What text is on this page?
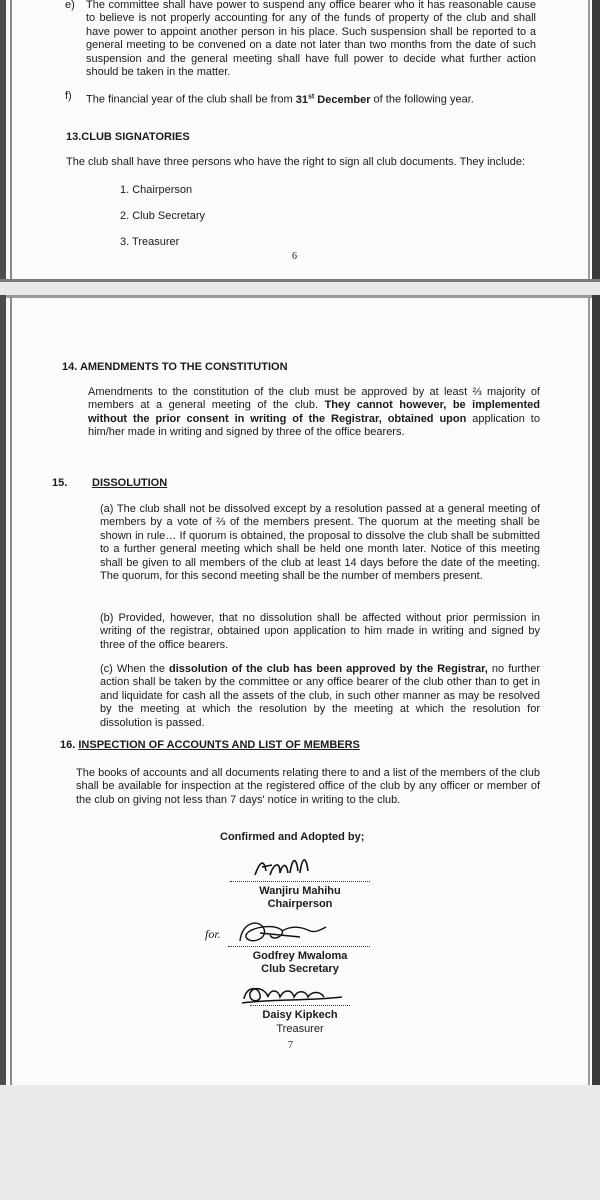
e) The committee shall have power to suspend any office bearer who it has reasonable cause to believe is not properly accounting for any of the funds of property of the club and shall have power to appoint another person in his place. Such suspension shall be reported to a general meeting to be convened on a date not later than two months from the date of such suspension and the general meeting shall have full power to decide what further action should be taken in the matter.

f)	The financial year of the club shall be from 31st December of the following year.

13.CLUB SIGNATORIES

The club shall have three persons who have the right to sign all club documents. They include:

1. Chairperson

2. Club Secretary

3. Treasurer

6

14. AMENDMENTS TO THE CONSTITUTION

Amendments to the constitution of the club must be approved by at least ⅔ majority of members at a general meeting of the club. They cannot however, be implemented without the prior consent in writing of the Registrar, obtained upon application to him/her made in writing and signed by three of the office bearers.

15. DISSOLUTION

(a) The club shall not be dissolved except by a resolution passed at a general meeting of members by a vote of ⅔ of the members present. The quorum at the meeting shall be shown in rule… If quorum is obtained, the proposal to dissolve the club shall be submitted to a further general meeting which shall be held one month later. Notice of this meeting shall be given to all members of the club at least 14 days before the date of the meeting. The quorum, for this second meeting shall be the number of members present.

(b) Provided, however, that no dissolution shall be affected without prior permission in writing of the registrar, obtained upon application to him made in writing and signed by three of the office bearers.

(c) When the dissolution of the club has been approved by the Registrar, no further action shall be taken by the committee or any office bearer of the club other than to get in and liquidate for cash all the assets of the club, in such other manner as may be resolved by the meeting at which the resolution by the meeting at which the resolution for dissolution is passed.

16. INSPECTION OF ACCOUNTS AND LIST OF MEMBERS

The books of accounts and all documents relating there to and a list of the members of the club shall be available for inspection at the registered office of the club by any officer or member of the club on giving not less than 7 days' notice in writing to the club.

Confirmed and Adopted by;

Wanjiru Mahihu

Chairperson

for.

Godfrey Mwaloma

Club Secretary

Daisy Kipkech

Treasurer

7
